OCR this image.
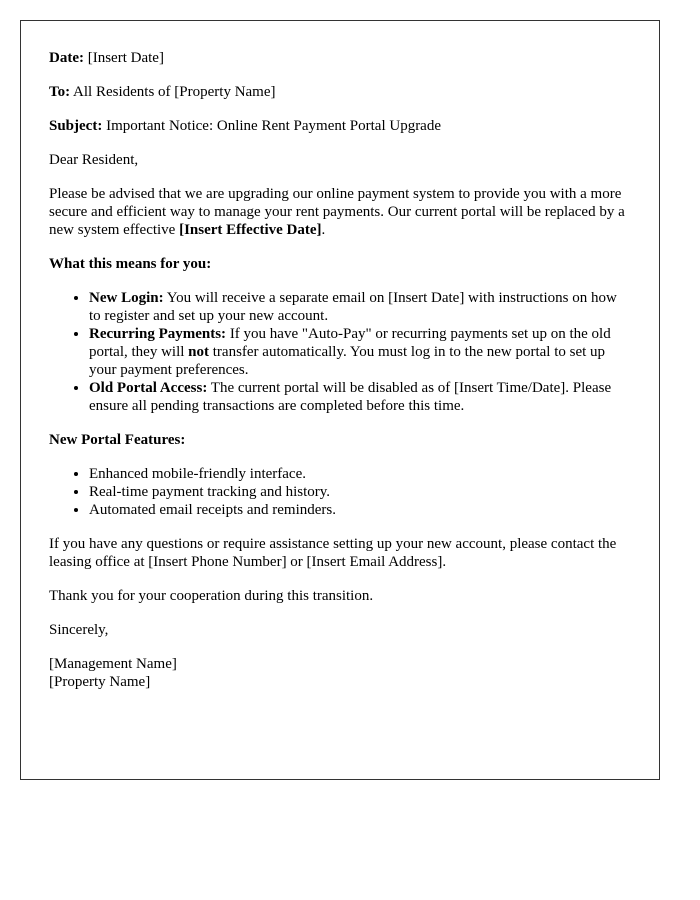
Date: [Insert Date]

To: All Residents of [Property Name]

Subject: Important Notice: Online Rent Payment Portal Upgrade

Dear Resident,

Please be advised that we are upgrading our online payment system to provide you with a more secure and efficient way to manage your rent payments. Our current portal will be replaced by a new system effective [Insert Effective Date].

What this means for you:

• New Login: You will receive a separate email on [Insert Date] with instructions on how to register and set up your new account.
• Recurring Payments: If you have "Auto-Pay" or recurring payments set up on the old portal, they will not transfer automatically. You must log in to the new portal to set up your payment preferences.
• Old Portal Access: The current portal will be disabled as of [Insert Time/Date]. Please ensure all pending transactions are completed before this time.

New Portal Features:

• Enhanced mobile-friendly interface.
• Real-time payment tracking and history.
• Automated email receipts and reminders.

If you have any questions or require assistance setting up your new account, please contact the leasing office at [Insert Phone Number] or [Insert Email Address].

Thank you for your cooperation during this transition.

Sincerely,

[Management Name]

[Property Name]
